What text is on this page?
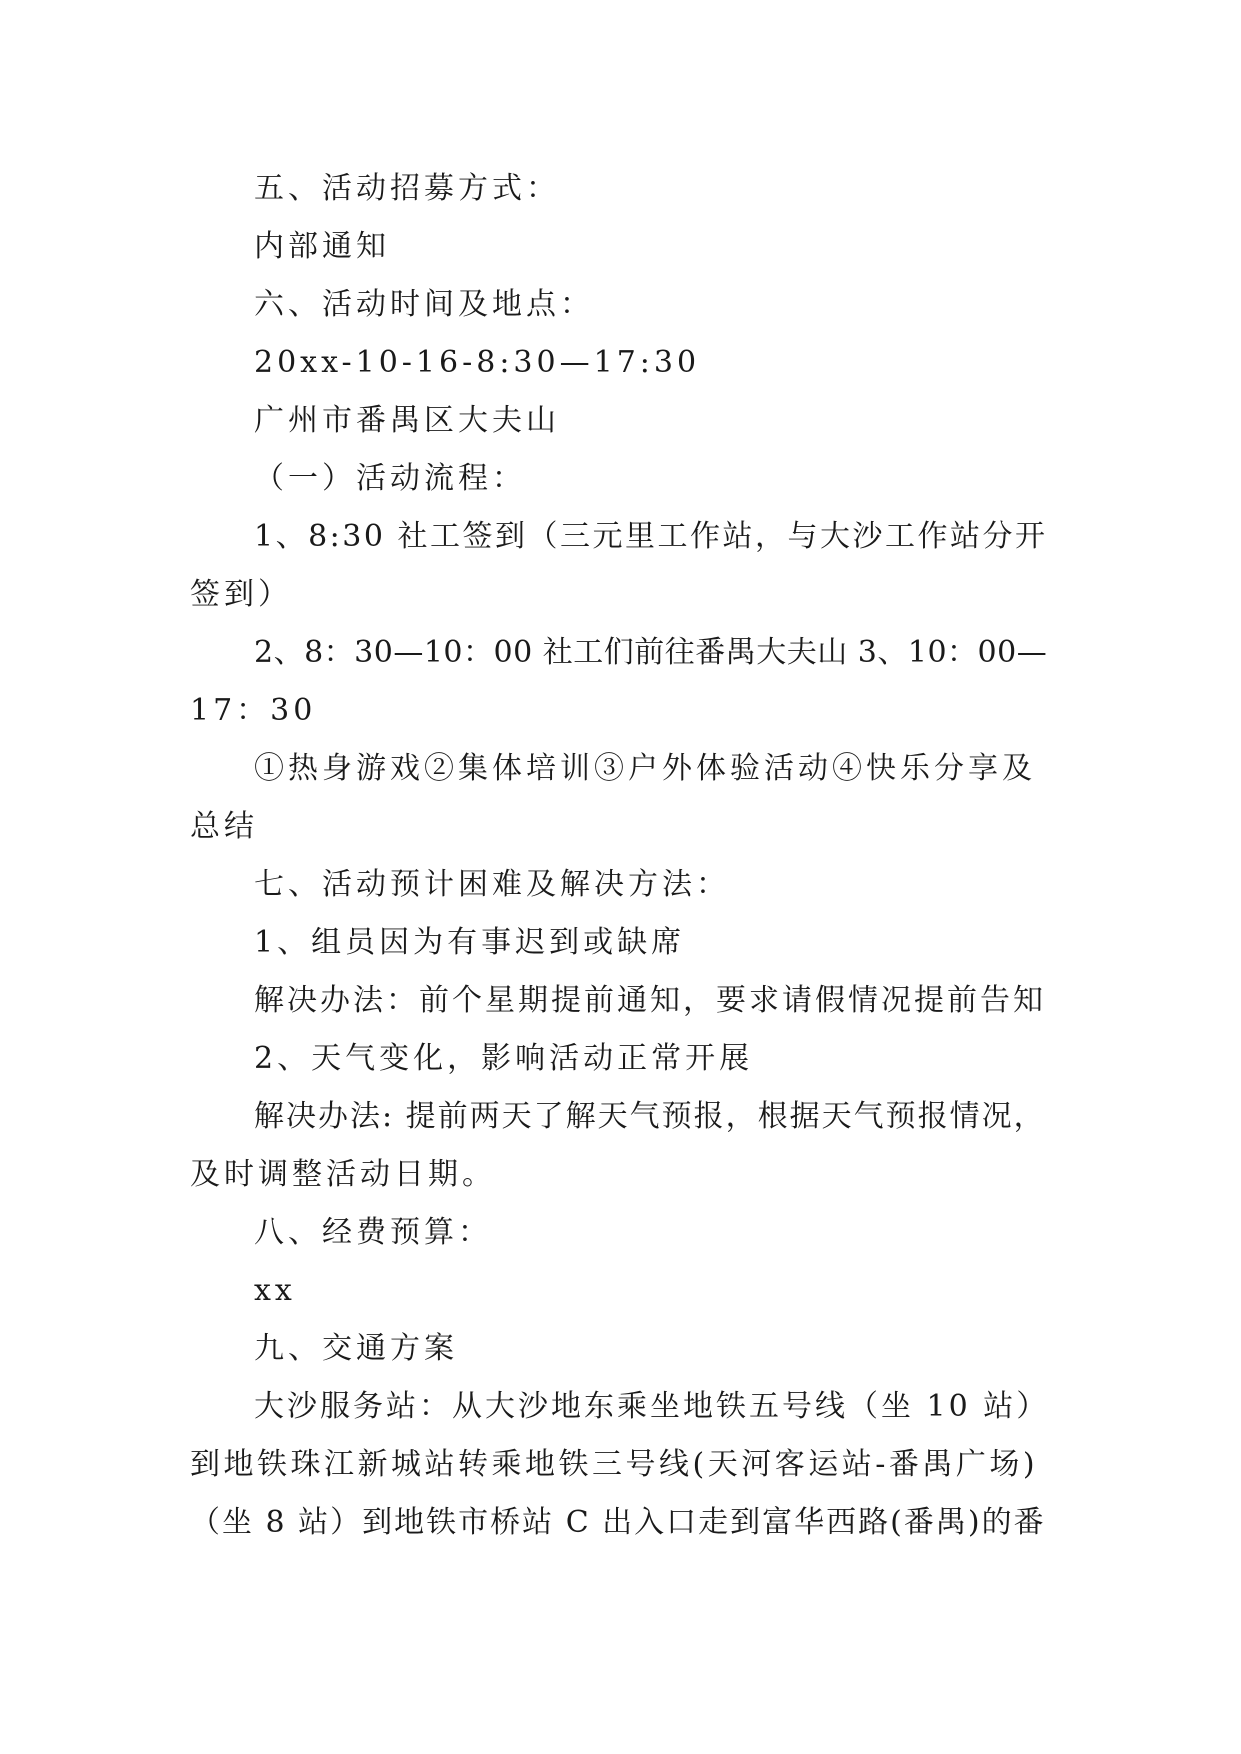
五、活动招募方式：
内部通知
六、活动时间及地点：
20xx-10-16-8:30—17:30
广州市番禺区大夫山
（一）活动流程：
1、8:30 社工签到（三元里工作站，与大沙工作站分开
签到）
2、8：30—10：00 社工们前往番禺大夫山 3、10：00—
17：30
①热身游戏②集体培训③户外体验活动④快乐分享及
总结
七、活动预计困难及解决方法：
1、组员因为有事迟到或缺席
解决办法：前个星期提前通知，要求请假情况提前告知
2、天气变化，影响活动正常开展
解决办法: 提前两天了解天气预报，根据天气预报情况，
及时调整活动日期。
八、经费预算：
xx
九、交通方案
大沙服务站：从大沙地东乘坐地铁五号线（坐 10 站）
到地铁珠江新城站转乘地铁三号线(天河客运站-番禺广场)
（坐 8 站）到地铁市桥站 C 出入口走到富华西路(番禺)的番
